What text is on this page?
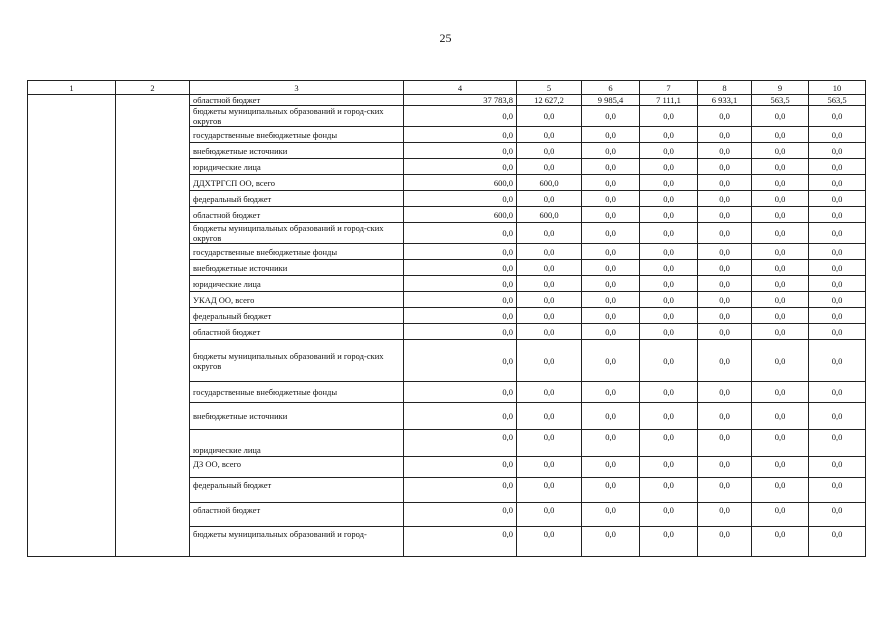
25
1	2	3	4	5	6	7	8	9	10
		областной бюджет	37 783,8	12 627,2	9 985,4	7 111,1	6 933,1	563,5	563,5
		бюджеты муниципальных образований и город-ских округов	0,0	0,0	0,0	0,0	0,0	0,0	0,0
		государственные внебюджетные фонды	0,0	0,0	0,0	0,0	0,0	0,0	0,0
		внебюджетные источники	0,0	0,0	0,0	0,0	0,0	0,0	0,0
		юридические лица	0,0	0,0	0,0	0,0	0,0	0,0	0,0
		ДДХТРГСП ОО, всего	600,0	600,0	0,0	0,0	0,0	0,0	0,0
		федеральный бюджет	0,0	0,0	0,0	0,0	0,0	0,0	0,0
		областной бюджет	600,0	600,0	0,0	0,0	0,0	0,0	0,0
		бюджеты муниципальных образований и город-ских округов	0,0	0,0	0,0	0,0	0,0	0,0	0,0
		государственные внебюджетные фонды	0,0	0,0	0,0	0,0	0,0	0,0	0,0
		внебюджетные источники	0,0	0,0	0,0	0,0	0,0	0,0	0,0
		юридические лица	0,0	0,0	0,0	0,0	0,0	0,0	0,0
		УКАД ОО, всего	0,0	0,0	0,0	0,0	0,0	0,0	0,0
		федеральный бюджет	0,0	0,0	0,0	0,0	0,0	0,0	0,0
		областной бюджет	0,0	0,0	0,0	0,0	0,0	0,0	0,0
		бюджеты муниципальных образований и город-ских округов	0,0	0,0	0,0	0,0	0,0	0,0	0,0
		государственные внебюджетные фонды	0,0	0,0	0,0	0,0	0,0	0,0	0,0
		внебюджетные источники	0,0	0,0	0,0	0,0	0,0	0,0	0,0
		юридические лица	0,0	0,0	0,0	0,0	0,0	0,0	0,0
		ДЗ ОО, всего	0,0	0,0	0,0	0,0	0,0	0,0	0,0
		федеральный бюджет	0,0	0,0	0,0	0,0	0,0	0,0	0,0
		областной бюджет	0,0	0,0	0,0	0,0	0,0	0,0	0,0
		бюджеты муниципальных образований и город-	0,0	0,0	0,0	0,0	0,0	0,0	0,0
